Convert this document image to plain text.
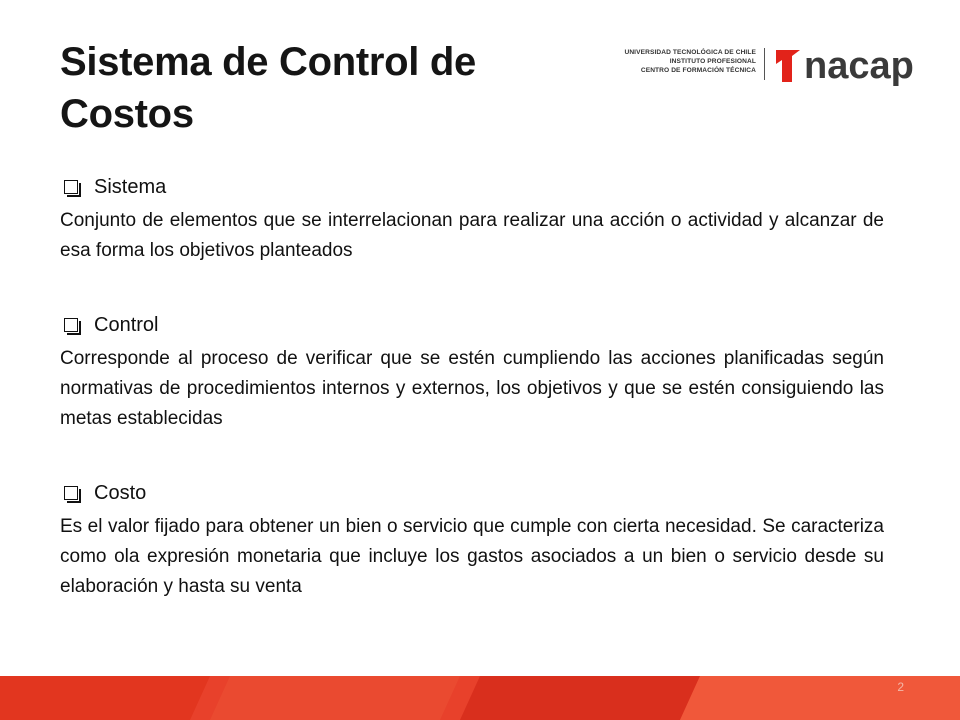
Sistema de Control de
Costos
UNIVERSIDAD TECNOLÓGICA DE CHILE
INSTITUTO PROFESIONAL
CENTRO DE FORMACIÓN TÉCNICA nacap
Sistema

Conjunto de elementos que se interrelacionan para realizar una acción o actividad y alcanzar de esa forma los objetivos planteados

Control

Corresponde al proceso de verificar que se estén cumpliendo las acciones planificadas según normativas de procedimientos internos y externos, los objetivos y que se estén consiguiendo las metas establecidas

Costo

Es el valor fijado para obtener un bien o servicio que cumple con cierta necesidad. Se caracteriza como ola expresión monetaria que incluye los gastos asociados a un bien o servicio desde su elaboración y hasta su venta

2
